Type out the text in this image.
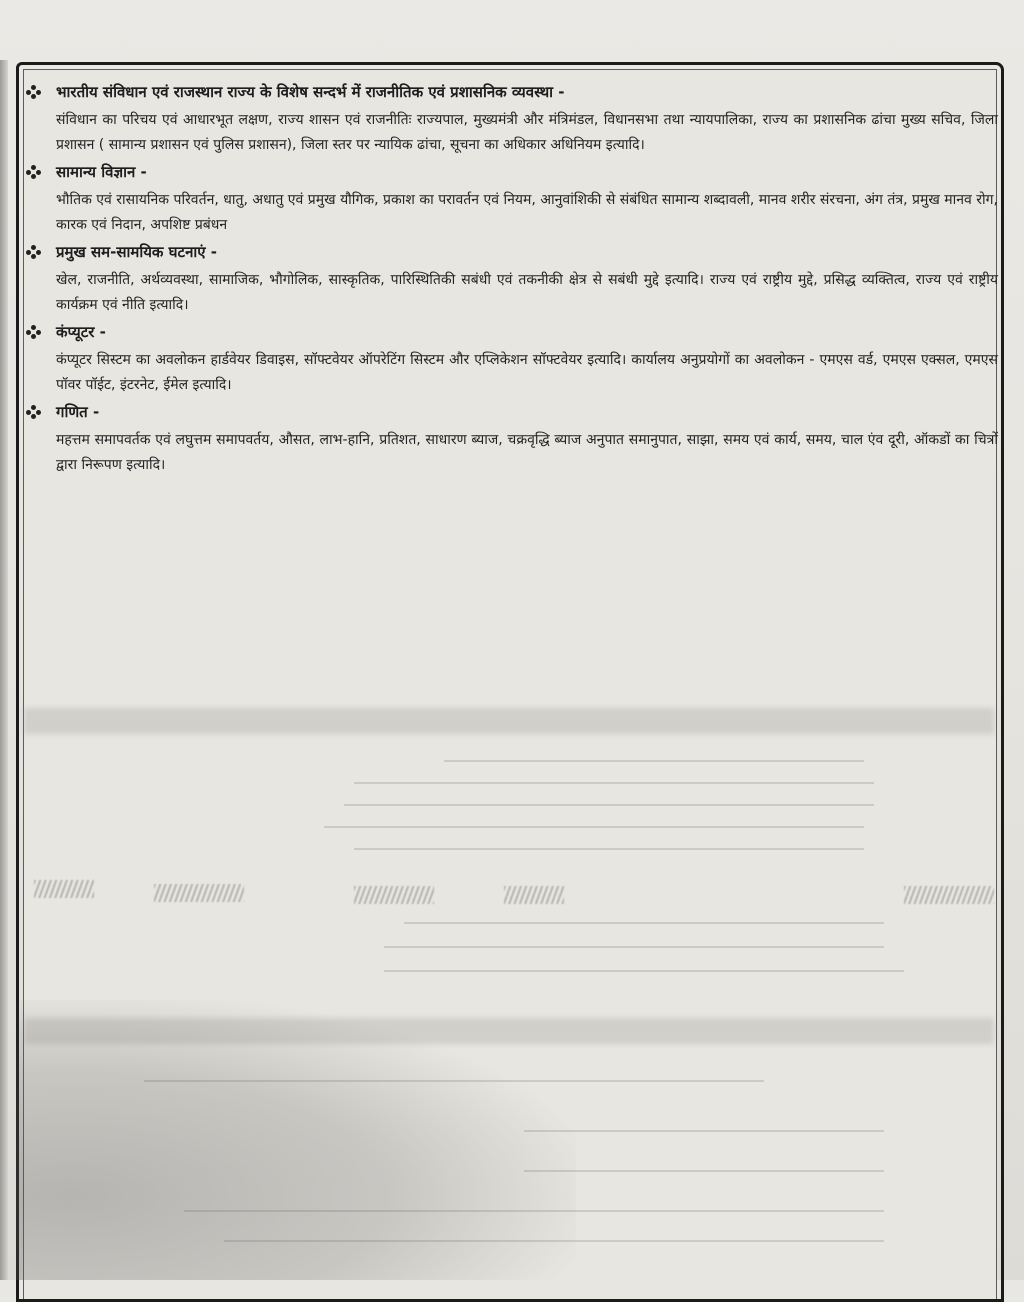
भारतीय संविधान एवं राजस्थान राज्य के विशेष सन्दर्भ में राजनीतिक एवं प्रशासनिक व्यवस्था -

संविधान का परिचय एवं आधारभूत लक्षण, राज्य शासन एवं राजनीतिः राज्यपाल, मुख्यमंत्री और मंत्रिमंडल, विधानसभा तथा न्यायपालिका, राज्य का प्रशासनिक ढांचा मुख्य सचिव, जिला प्रशासन ( सामान्य प्रशासन एवं पुलिस प्रशासन), जिला स्तर पर न्यायिक ढांचा, सूचना का अधिकार अधिनियम इत्यादि।

सामान्य विज्ञान -

भौतिक एवं रासायनिक परिवर्तन, धातु, अधातु एवं प्रमुख यौगिक, प्रकाश का परावर्तन एवं नियम, आनुवांशिकी से संबंधित सामान्य शब्दावली, मानव शरीर संरचना, अंग तंत्र, प्रमुख मानव रोग, कारक एवं निदान, अपशिष्ट प्रबंधन

प्रमुख सम-सामयिक घटनाएं -

खेल, राजनीति, अर्थव्यवस्था, सामाजिक, भौगोलिक, सास्कृतिक, पारिस्थितिकी सबंधी एवं तकनीकी क्षेत्र से सबंधी मुद्दे इत्यादि। राज्य एवं राष्ट्रीय मुद्दे, प्रसिद्ध व्यक्तित्व, राज्य एवं राष्ट्रीय कार्यक्रम एवं नीति इत्यादि।

कंप्यूटर -

कंप्यूटर सिस्टम का अवलोकन हार्डवेयर डिवाइस, सॉफ्टवेयर ऑपरेटिंग सिस्टम और एप्लिकेशन सॉफ्टवेयर इत्यादि। कार्यालय अनुप्रयोगों का अवलोकन - एमएस वर्ड, एमएस एक्सल, एमएस पॉवर पॉईट, इंटरनेट, ईमेल इत्यादि।

गणित -

महत्तम समापवर्तक एवं लघुत्तम समापवर्तय, औसत, लाभ-हानि, प्रतिशत, साधारण ब्याज, चक्रवृद्धि ब्याज अनुपात समानुपात, साझा, समय एवं कार्य, समय, चाल एंव दूरी, ऑकडों का चित्रों द्वारा निरूपण इत्यादि।
